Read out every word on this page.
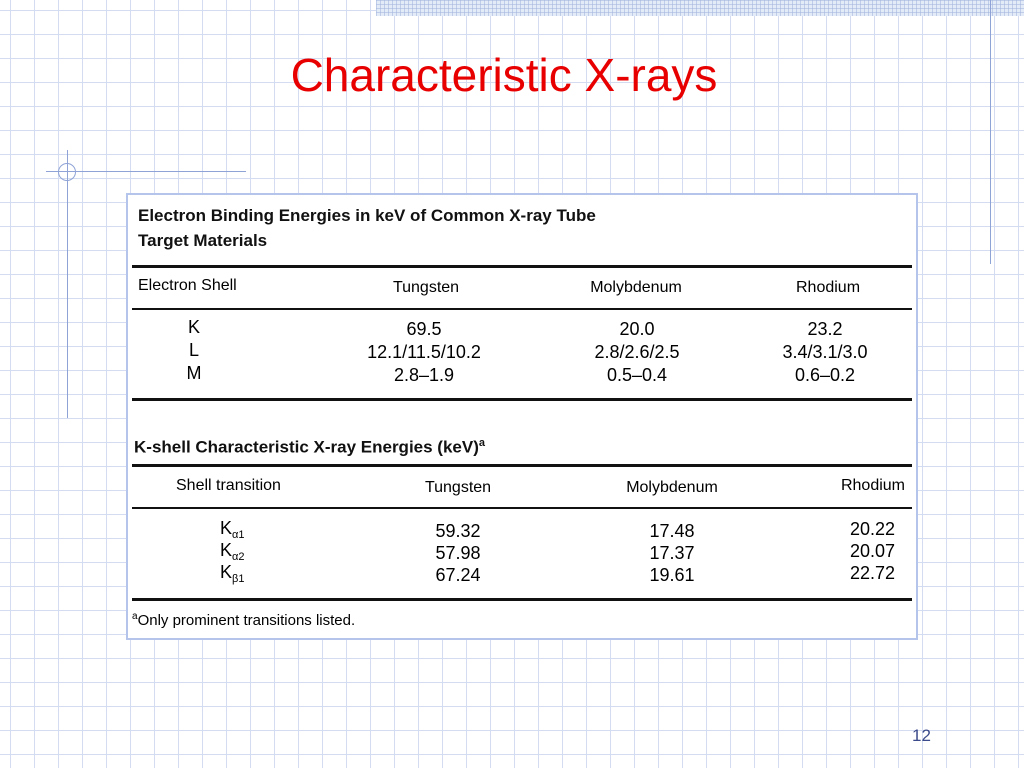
Characteristic X-rays
Electron Binding Energies in keV of Common X-ray Tube
Target Materials
Electron Shell	Tungsten	Molybdenum	Rhodium
K	69.5	20.0	23.2
L	12.1/11.5/10.2	2.8/2.6/2.5	3.4/3.1/3.0
M	2.8–1.9	0.5–0.4	0.6–0.2
K-shell Characteristic X-ray Energies (keV)$^a$
Shell transition	Tungsten	Molybdenum	Rhodium
$K_{\alpha 1}$	59.32	17.48	20.22
$K_{\alpha 2}$	57.98	17.37	20.07
$K_{\beta 1}$	67.24	19.61	22.72
$^a$Only prominent transitions listed.
12
